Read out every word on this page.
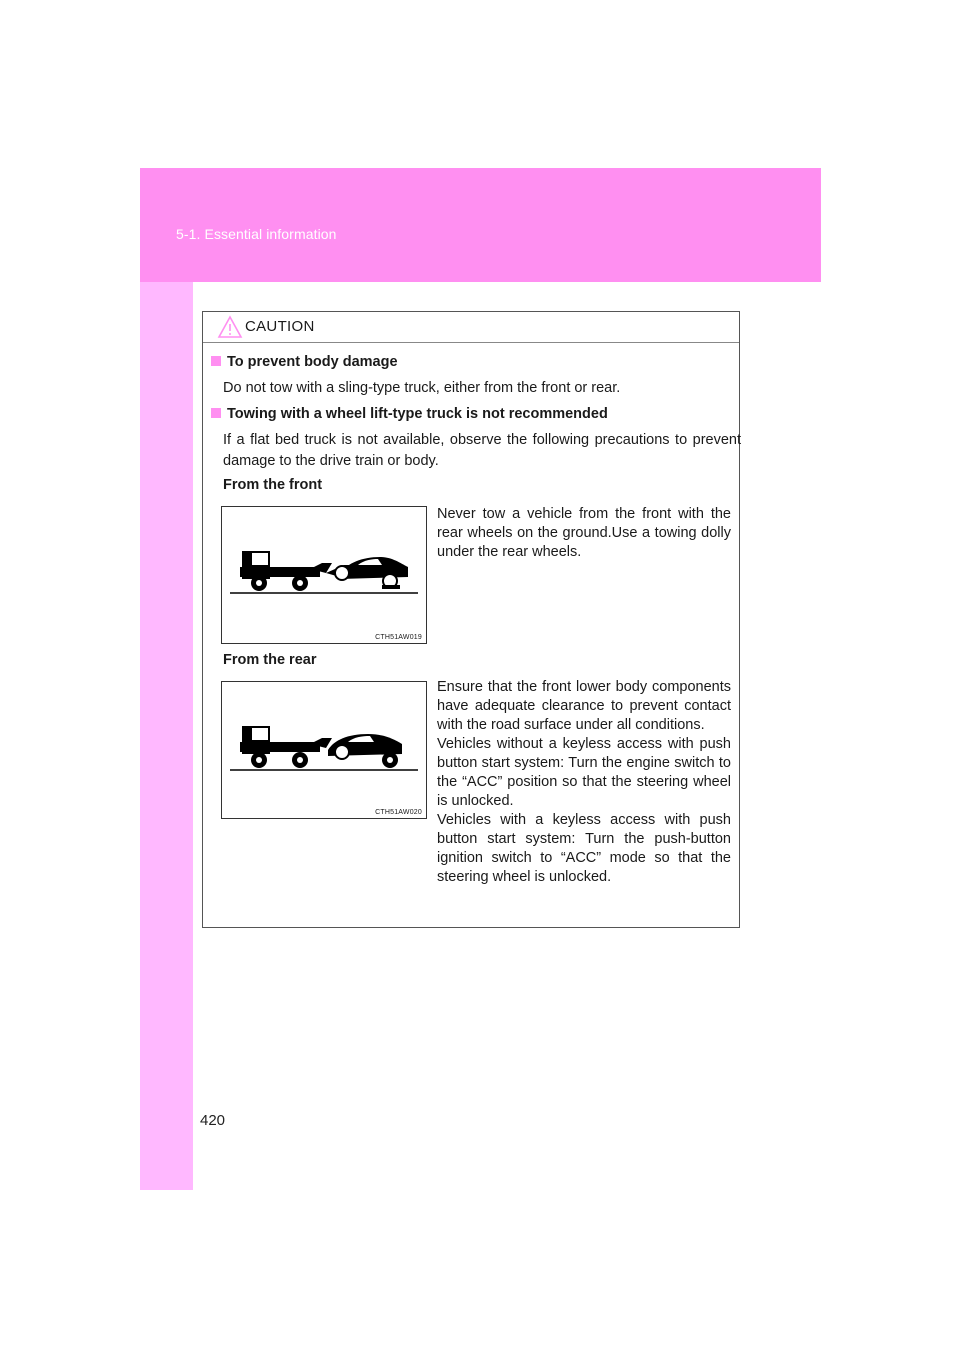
5-1. Essential information
420
CAUTION
To prevent body damage
Do not tow with a sling-type truck, either from the front or rear.
Towing with a wheel lift-type truck is not recommended
If a flat bed truck is not available, observe the following precautions to prevent damage to the drive train or body.
From the front
CTH51AW019
Never tow a vehicle from the front with the rear wheels on the ground.Use a towing dolly under the rear wheels.
From the rear
CTH51AW020

Ensure that the front lower body components have adequate clearance to prevent contact with the road surface under all conditions.

Vehicles without a keyless access with push button start system: Turn the engine switch to the “ACC” position so that the steering wheel is unlocked.

Vehicles with a keyless access with push button start system: Turn the push-button ignition switch to “ACC” mode so that the steering wheel is unlocked.
